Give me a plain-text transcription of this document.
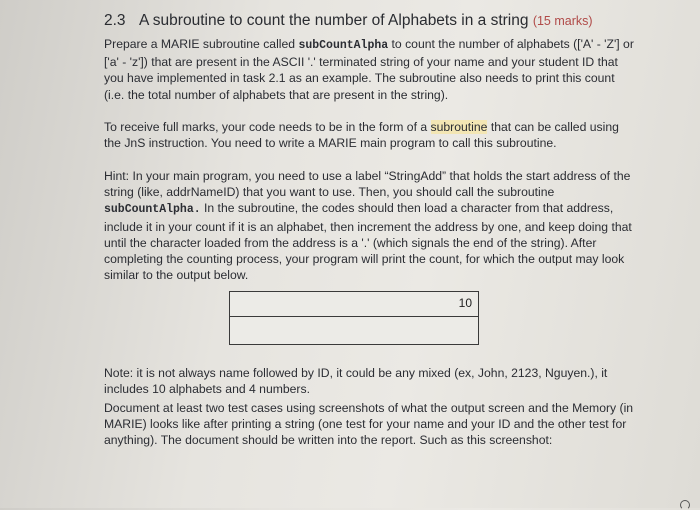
2.3 A subroutine to count the number of Alphabets in a string (15 marks)
Prepare a MARIE subroutine called subCountAlpha to count the number of alphabets (['A' - 'Z'] or ['a' - 'z']) that are present in the ASCII '.' terminated string of your name and your student ID that you have implemented in task 2.1 as an example. The subroutine also needs to print this count (i.e. the total number of alphabets that are present in the string).
To receive full marks, your code needs to be in the form of a subroutine that can be called using the JnS instruction. You need to write a MARIE main program to call this subroutine.
Hint: In your main program, you need to use a label “StringAdd” that holds the start address of the string (like, addrNameID) that you want to use. Then, you should call the subroutine subCountAlpha. In the subroutine, the codes should then load a character from that address, include it in your count if it is an alphabet, then increment the address by one, and keep doing that until the character loaded from the address is a '.' (which signals the end of the string). After completing the counting process, your program will print the count, for which the output may look similar to the output below.
10
Note: it is not always name followed by ID, it could be any mixed (ex, John, 2123, Nguyen.), it includes 10 alphabets and 4 numbers.
Document at least two test cases using screenshots of what the output screen and the Memory (in MARIE) looks like after printing a string (one test for your name and your ID and the other test for anything). The document should be written into the report. Such as this screenshot:
